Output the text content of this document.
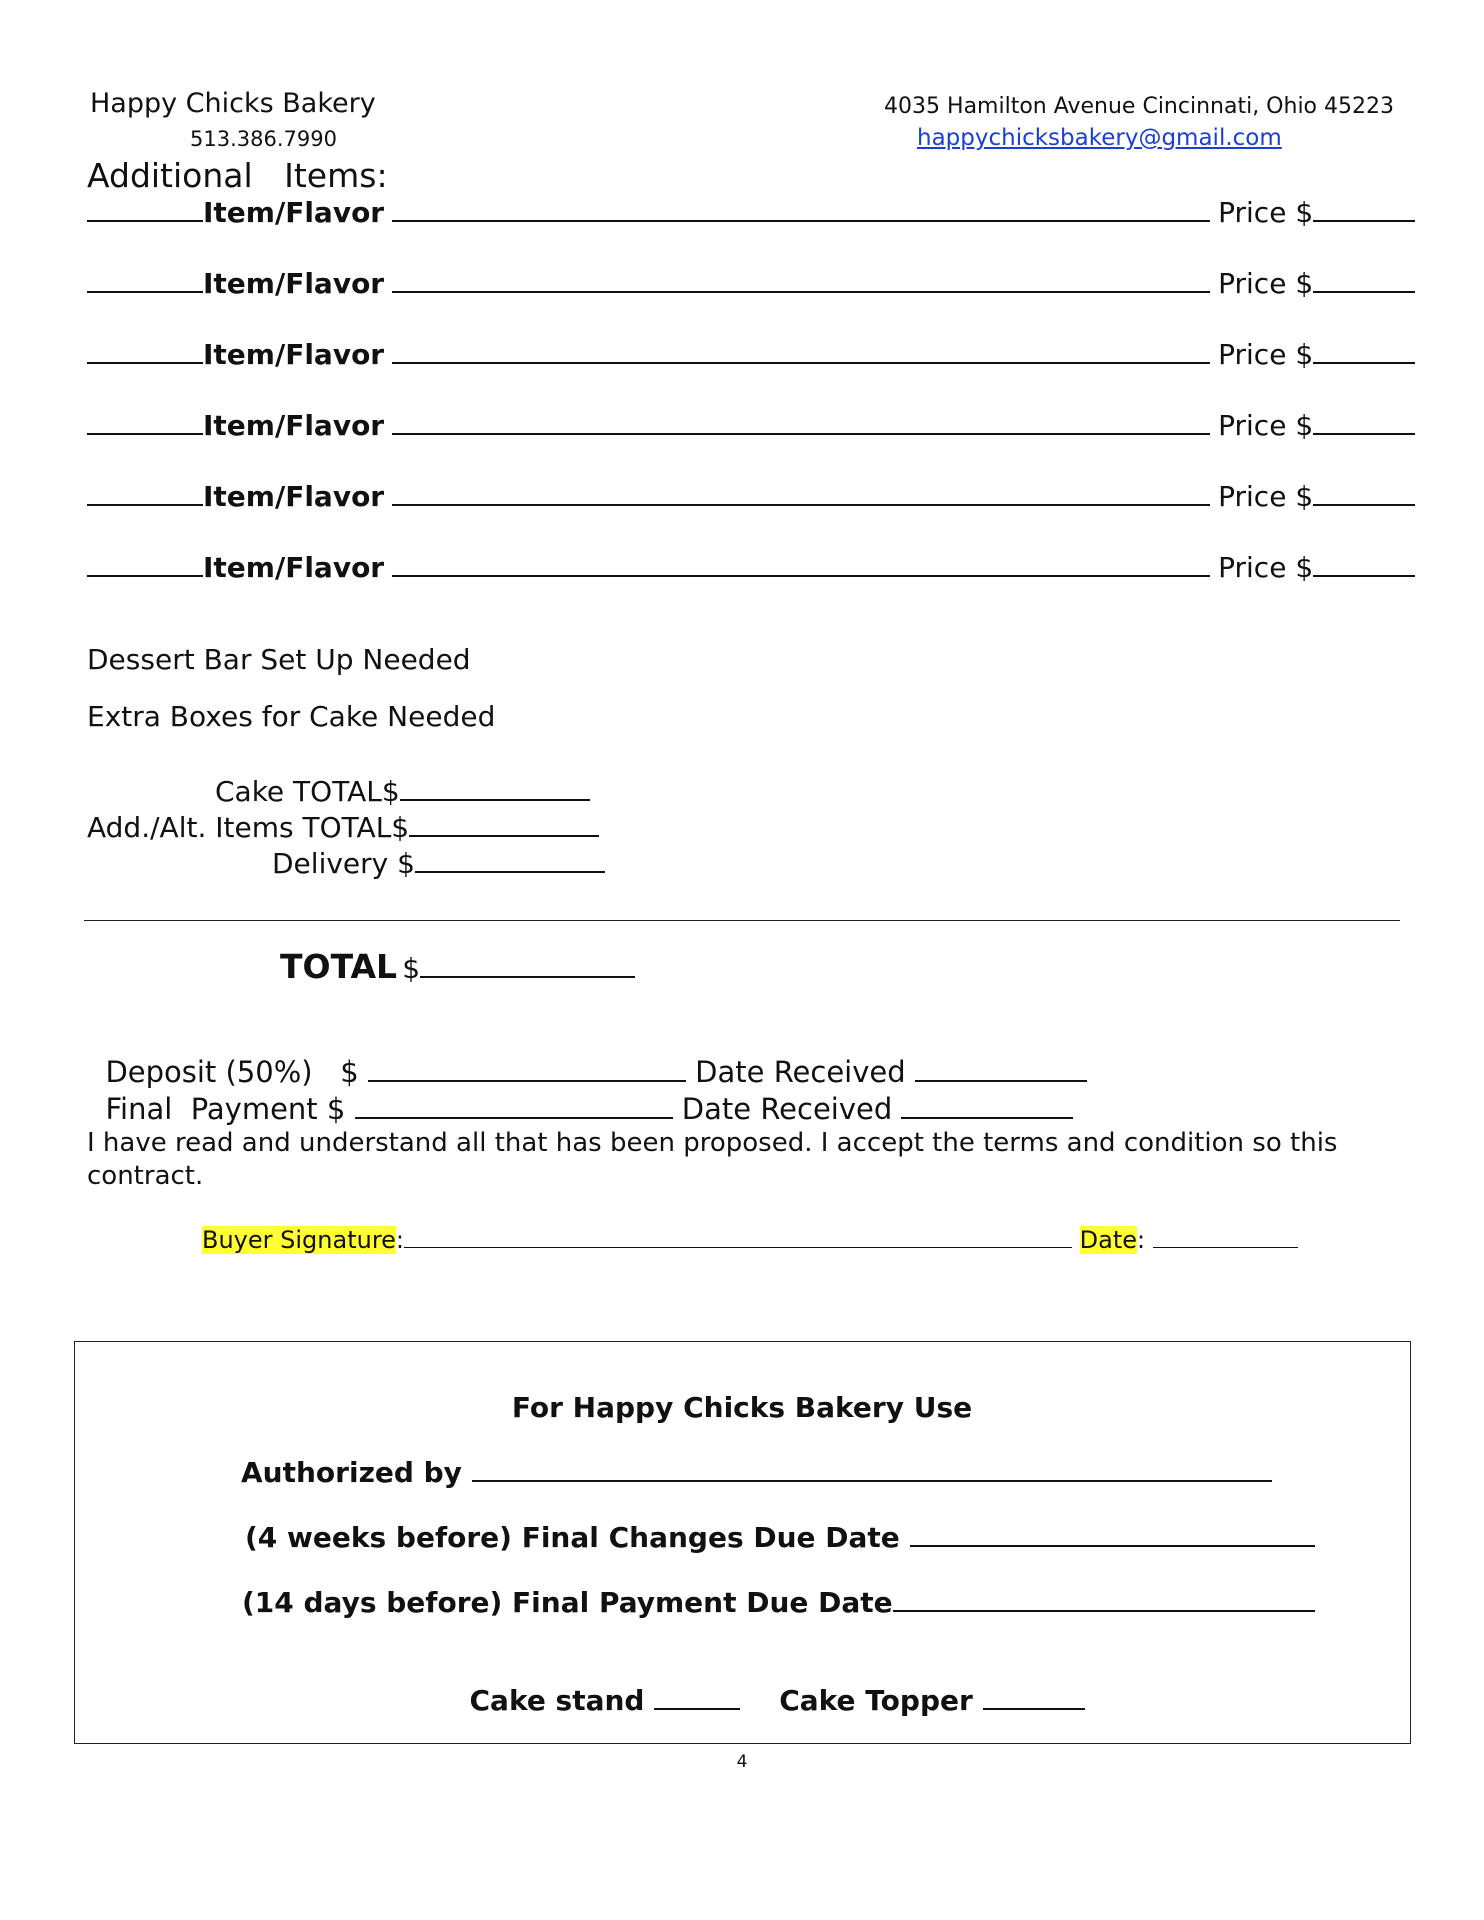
Happy Chicks Bakery
513.386.7990
4035 Hamilton Avenue Cincinnati, Ohio 45223
happychicksbakery@gmail.com
Additional   Items:
Item/Flavor	Price $
Item/Flavor	Price $
Item/Flavor	Price $
Item/Flavor	Price $
Item/Flavor	Price $
Item/Flavor	Price $
Dessert Bar Set Up Needed
Extra Boxes for Cake Needed
Cake TOTAL$
Add./Alt. Items TOTAL$
Delivery $
TOTAL $

Deposit (50%)   $	Date Received

Final  Payment $	Date Received

I have read and understand all that has been proposed. I accept the terms and condition so this contract.
Buyer Signature:	Date:
For Happy Chicks Bakery Use
Authorized by
(4 weeks before) Final Changes Due Date
(14 days before) Final Payment Due Date

Cake stand	Cake Topper

4
